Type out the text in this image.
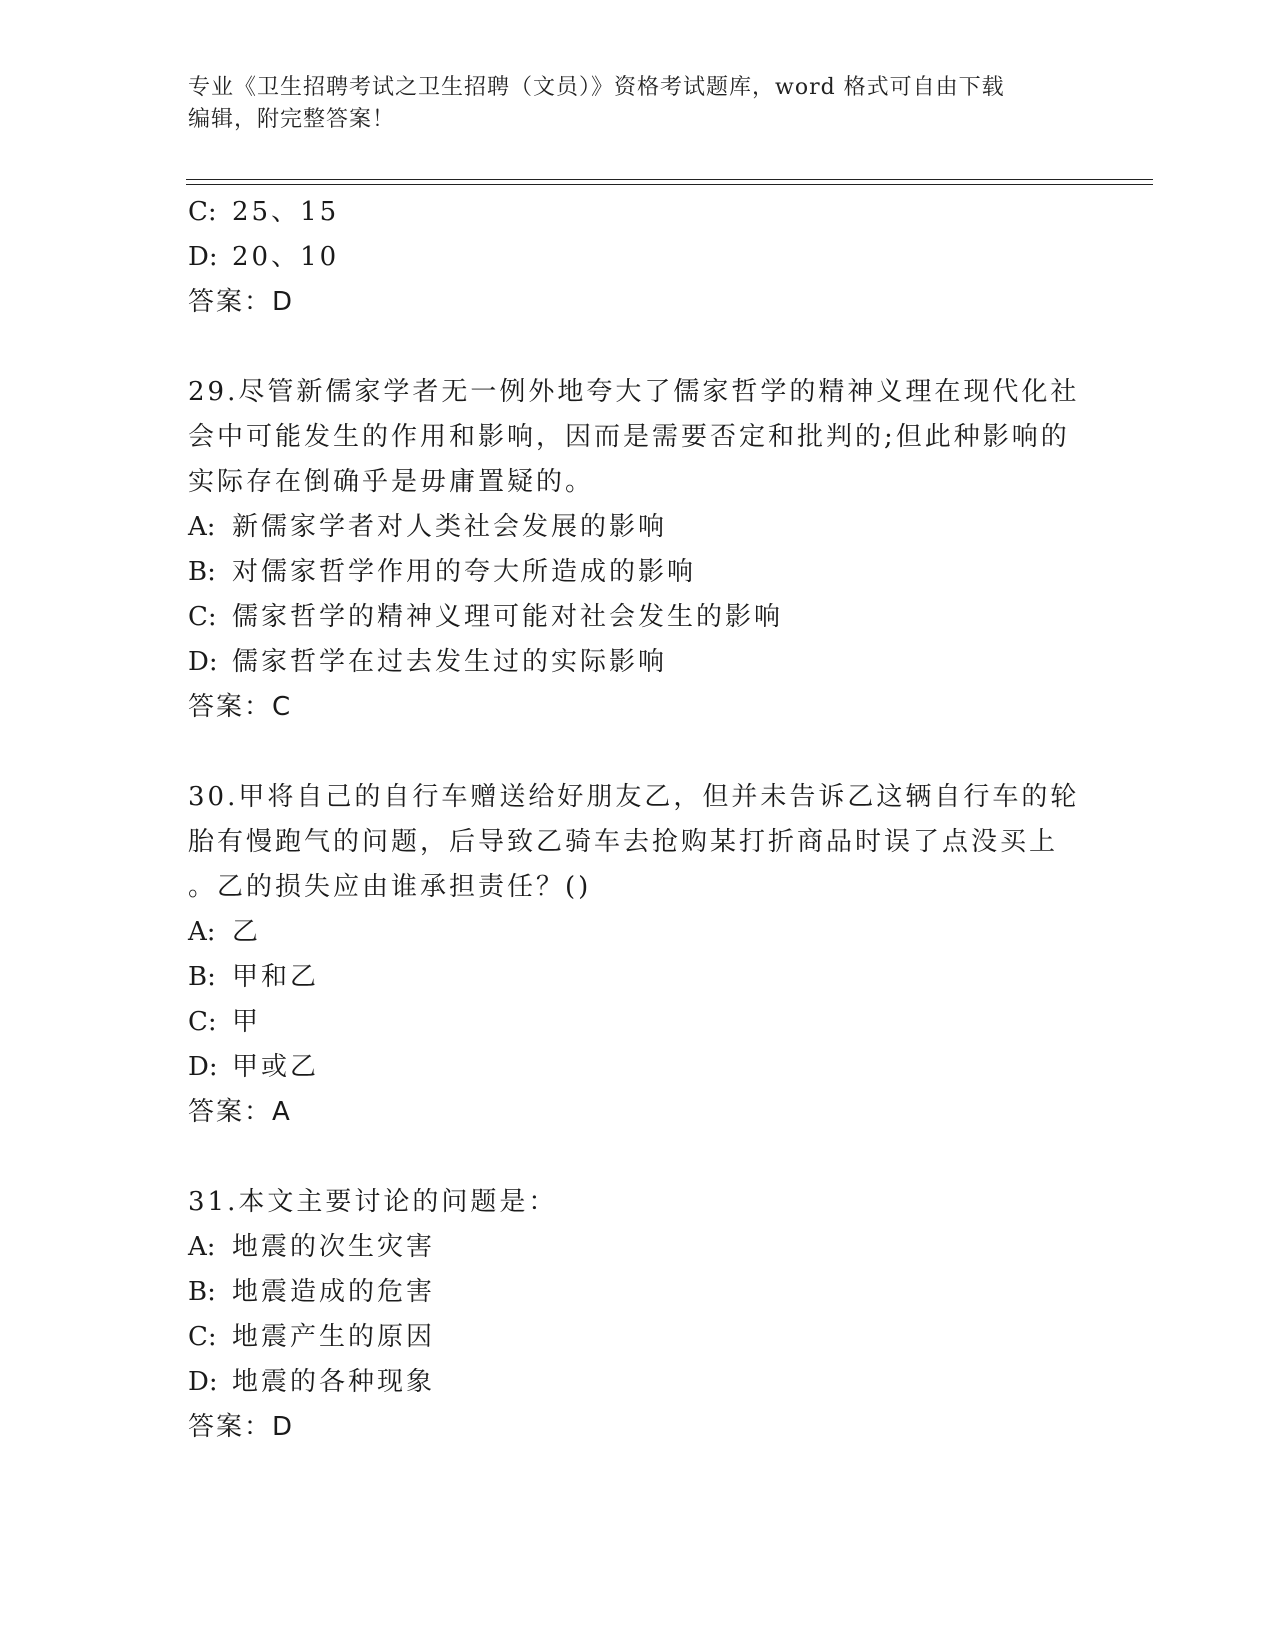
专业《卫生招聘考试之卫生招聘（文员）》资格考试题库，word 格式可自由下载
编辑，附完整答案！
C: 25、15
D: 20、10
答案：D
29.尽管新儒家学者无一例外地夸大了儒家哲学的精神义理在现代化社
会中可能发生的作用和影响，因而是需要否定和批判的;但此种影响的
实际存在倒确乎是毋庸置疑的。
A: 新儒家学者对人类社会发展的影响
B: 对儒家哲学作用的夸大所造成的影响
C: 儒家哲学的精神义理可能对社会发生的影响
D: 儒家哲学在过去发生过的实际影响
答案：C
30.甲将自己的自行车赠送给好朋友乙，但并未告诉乙这辆自行车的轮
胎有慢跑气的问题，后导致乙骑车去抢购某打折商品时误了点没买上
。乙的损失应由谁承担责任？()
A: 乙
B: 甲和乙
C: 甲
D: 甲或乙
答案：A
31.本文主要讨论的问题是：
A: 地震的次生灾害
B: 地震造成的危害
C: 地震产生的原因
D: 地震的各种现象
答案：D
